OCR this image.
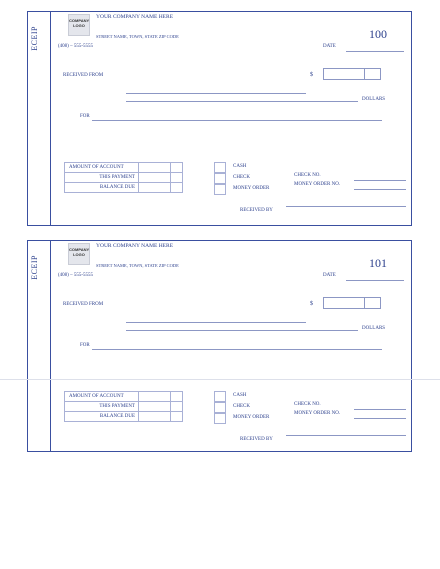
ECEIP
COMPANY
LOGO
YOUR COMPANY NAME HERE
STREET NAME, TOWN, STATE ZIP CODE
(408) – 555-5555
100
DATE
RECEIVED FROM	$
DOLLARS
FOR
AMOUNT OF ACCOUNT		
THIS PAYMENT		
BALANCE DUE		
CASH
CHECK
MONEY ORDER
CHECK NO.
MONEY ORDER NO.
RECEIVED BY
ECEIP
COMPANY
LOGO
YOUR COMPANY NAME HERE
STREET NAME, TOWN, STATE ZIP CODE
(408) – 555-5555
101
DATE
RECEIVED FROM	$
DOLLARS
FOR
AMOUNT OF ACCOUNT		
THIS PAYMENT		
BALANCE DUE		
CASH
CHECK
MONEY ORDER
CHECK NO.
MONEY ORDER NO.
RECEIVED BY
